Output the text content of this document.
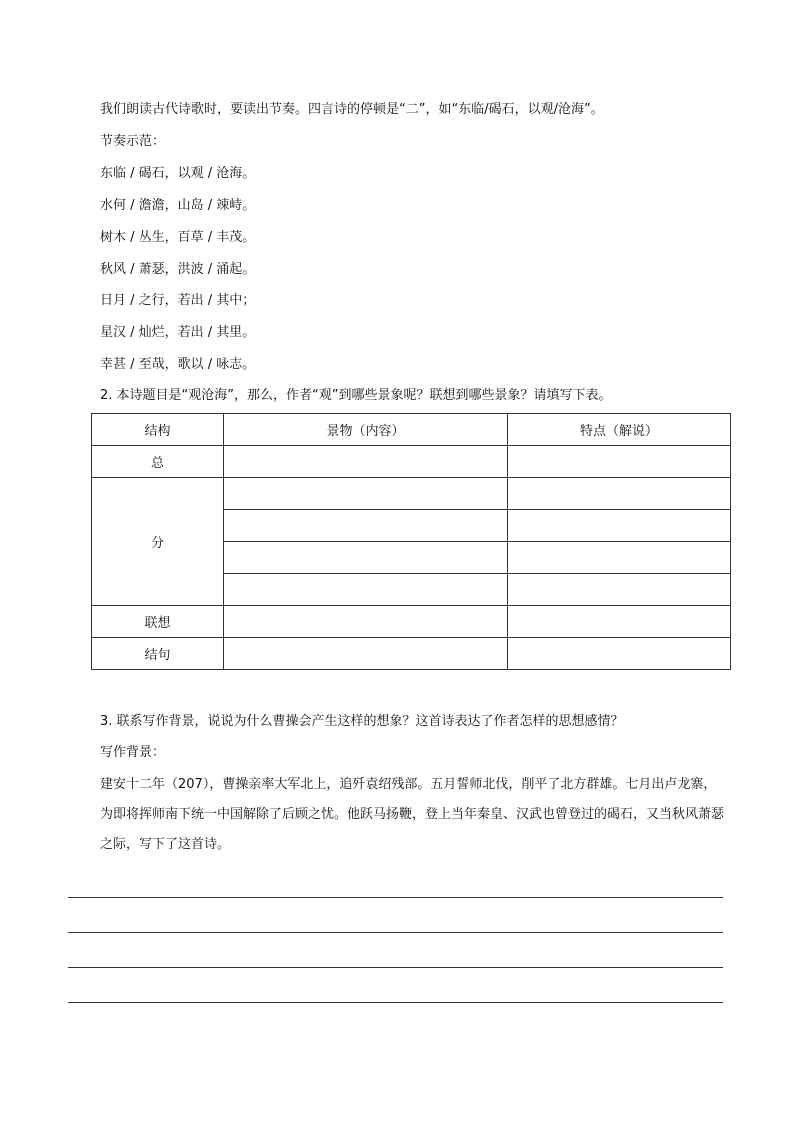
我们朗读古代诗歌时，要读出节奏。四言诗的停顿是“二”，如“东临/碣石，以观/沧海”。
节奏示范：
东临 / 碣石，以观 / 沧海。
水何 / 澹澹，山岛 / 竦峙。
树木 / 丛生，百草 / 丰茂。
秋风 / 萧瑟，洪波 / 涌起。
日月 / 之行，若出 / 其中；
星汉 / 灿烂，若出 / 其里。
幸甚 / 至哉，歌以 / 咏志。
2. 本诗题目是“观沧海”，那么，作者“观”到哪些景象呢？联想到哪些景象？请填写下表。
结构	景物（内容）	特点（解说）
总		
分		

联想		
结句		
3. 联系写作背景，说说为什么曹操会产生这样的想象？这首诗表达了作者怎样的思想感情？
写作背景：
建安十二年（207），曹操亲率大军北上，追歼袁绍残部。五月誓师北伐，削平了北方群雄。七月出卢龙寨，为即将挥师南下统一中国解除了后顾之忧。他跃马扬鞭，登上当年秦皇、汉武也曾登过的碣石，又当秋风萧瑟之际，写下了这首诗。
